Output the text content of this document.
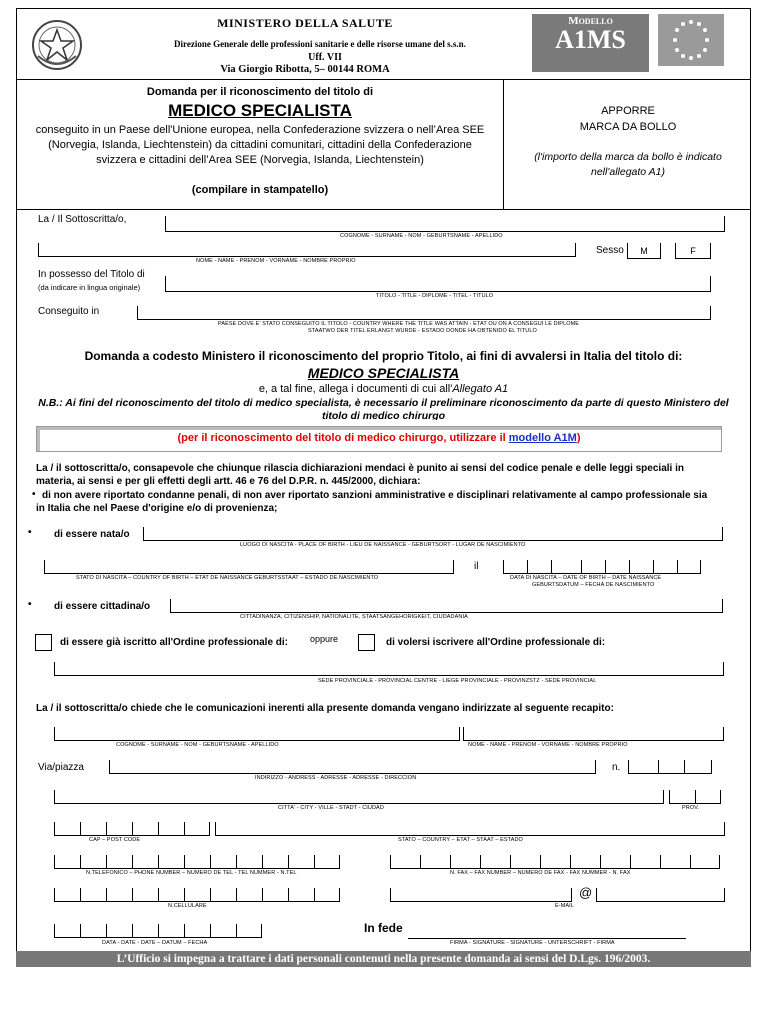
MINISTERO DELLA SALUTE
Direzione Generale delle professioni sanitarie e delle risorse umane del s.s.n.
Uff. VII
Via Giorgio Ribotta, 5– 00144 ROMA
Modello
A1MS
Domanda per il riconoscimento del titolo di
MEDICO SPECIALISTA
conseguito in un Paese dell'Unione europea, nella Confederazione svizzera o nell’Area SEE
(Norvegia, Islanda, Liechtenstein) da cittadini comunitari, cittadini della Confederazione
svizzera e cittadini dell’Area SEE (Norvegia, Islanda, Liechtenstein)
(compilare in stampatello)
APPORRE
MARCA DA BOLLO
(l'importo della marca da bollo è indicato
nell'allegato A1)
La / Il Sottoscritta/o,
COGNOME - SURNAME - NOM - GEBURTSNAME - APELLIDO
NOME - NAME - PRENOM - VORNAME - NOMBRE PROPRIO
Sesso	M	F
In possesso del Titolo di
(da indicare in lingua originale)
TITOLO - TITLE - DIPLOME - TITEL - TITULO
Conseguito in
PAESE DOVE E' STATO CONSEGUITO IL TITOLO - COUNTRY WHERE THE TITLE WAS ATTAIN - ETAT OU ON A CONSEGUI LE DIPLOME
STAATWO DER TITEL ERLANGT WURDE - ESTADO DONDE HA OBTENIDO EL TITULO
Domanda a codesto Ministero il riconoscimento del proprio Titolo, ai fini di avvalersi in Italia del titolo di:
MEDICO SPECIALISTA
e, a tal fine, allega i documenti di cui all'Allegato A1
N.B.: Ai fini del riconoscimento del titolo di medico specialista, è necessario il preliminare riconoscimento da parte di questo Ministero del
titolo di medico chirurgo
(per il riconoscimento del titolo di medico chirurgo, utilizzare il modello A1M)
La / il sottoscritta/o, consapevole che chiunque rilascia dichiarazioni mendaci è punito ai sensi del codice penale e delle leggi speciali in
materia, ai sensi e per gli effetti degli artt. 46 e 76 del D.P.R. n. 445/2000, dichiara:
• di non avere riportato condanne penali, di non aver riportato sanzioni amministrative e disciplinari relativamente al campo professionale sia
in Italia che nel Paese d'origine e/o di provenienza;
• di essere nata/o
LUOGO DI NASCITA - PLACE OF BIRTH - LIEU DE NAISSANCE - GEBURTSORT - LUGAR DE NASCIMIENTO
STATO DI NASCITA – COUNTRY OF BIRTH – ETAT DE NAISSANCE GEBURTSSTAAT – ESTADO DE NASCIMIENTO
il
DATA DI NASCITA – DATE OF BIRTH – DATE NAISSANCE
GEBURTSDATUM – FECHA DE NASCIMIENTO
• di essere cittadina/o
CITTADINANZA, CITIZENSHIP, NATIONALITE, STAATSANGEHORIGKEIT, CIUDADANIA
di essere già iscritto all'Ordine professionale di: oppure	di volersi iscrivere all'Ordine professionale di:
SEDE PROVINCIALE - PROVINCIAL CENTRE - LIEGE PROVINCIALE - PROVINZSTZ - SEDE PROVINCIAL
La / il sottoscritta/o chiede che le comunicazioni inerenti alla presente domanda vengano indirizzate al seguente recapito:
COGNOME - SURNAME - NOM - GEBURTSNAME - APELLIDO	NOME - NAME - PRENOM - VORNAME - NOMBRE PROPRIO
Via/piazza
INDIRIZZO - ANDRESS - ADRESSE - ADRESSE - DIRECCION
n.
CITTA' - CITY - VILLE - STADT - CIUDAD	PROV.
CAP – POST CODE	STATO – COUNTRY – ETAT – STAAT – ESTADO
N.TELEFONICO – PHONE NUMBER – NUMERO DE TEL - TEL NUMMER - N.TEL	N. FAX – FAX NUMBER – NUMERO DE FAX - FAX NUMMER - N. FAX
N.CELLULARE
@
E-MAIL
DATA - DATE - DATE – DATUM – FECHA
In fede
FIRMA - SIGNATURE - SIGNATURE - UNTERSCHRIFT - FIRMA
L’Ufficio si impegna a trattare i dati personali contenuti nella presente domanda ai sensi del D.Lgs. 196/2003.
